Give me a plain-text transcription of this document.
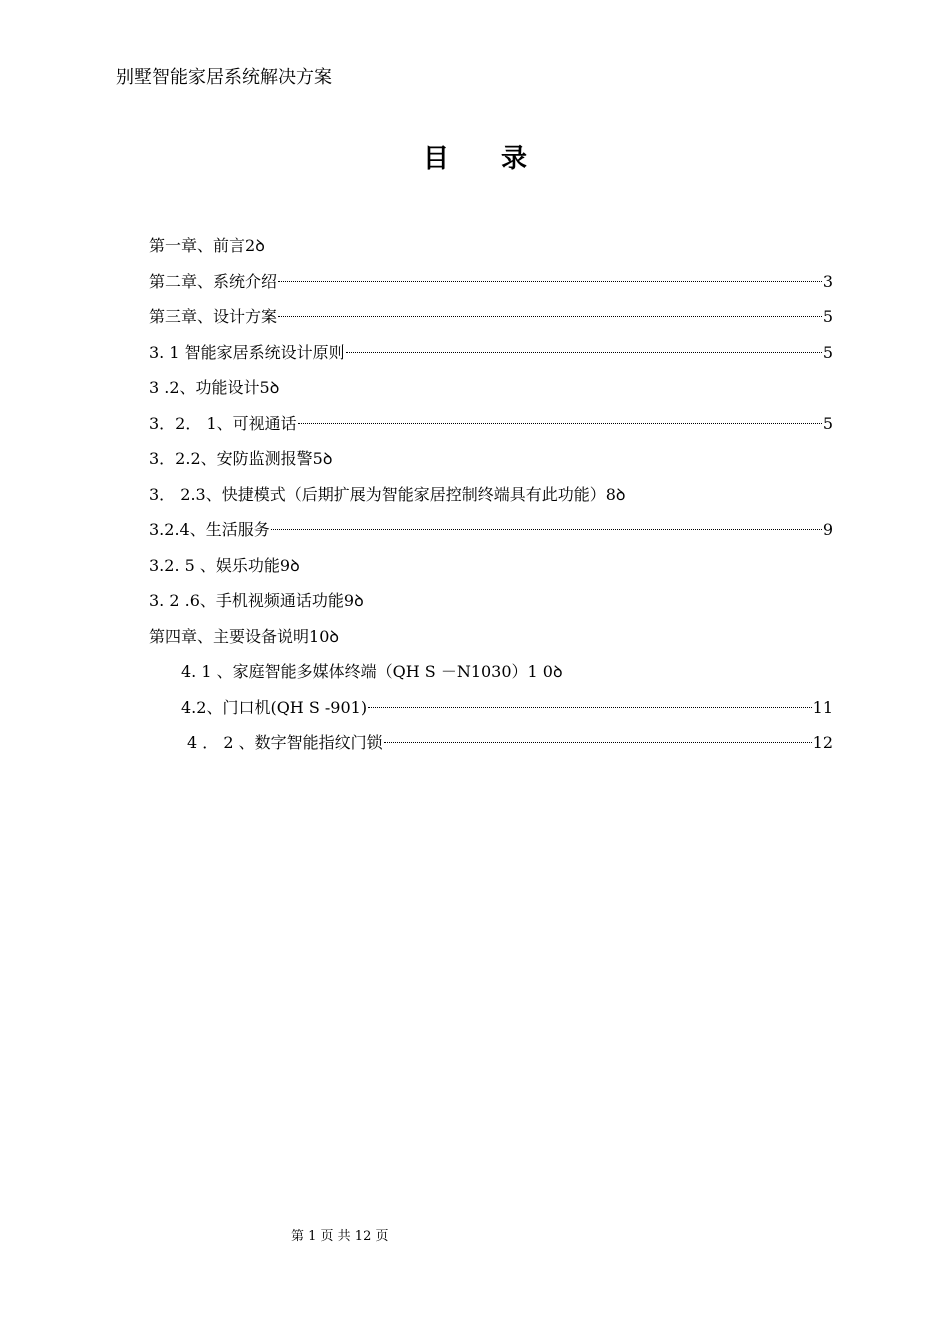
别墅智能家居系统解决方案
目　　录
第一章、前言 2 ꝺ
第二章、系统介绍	3
第三章、设计方案	5
3. 1 智能家居系统设计原则	5
3 .2、功能设计 5 ꝺ
3．2． 1、可视通话	5
3．2.2、安防监测报警 5 ꝺ
3． 2.3、快捷模式（后期扩展为智能家居控制终端具有此功能） 8 ꝺ
3.2.4、生活服务	9
3.2. 5 、娱乐功能 9 ꝺ
3. 2 .6、手机视频通话功能 9 ꝺ
第四章、主要设备说明 10 ꝺ
4. 1 、家庭智能多媒体终端（QH S －N1030）1 0 ꝺ
4.2、门口机(QH S -901)	11
4 ． 2 、数字智能指纹门锁	12
第 1 页 共 12 页
